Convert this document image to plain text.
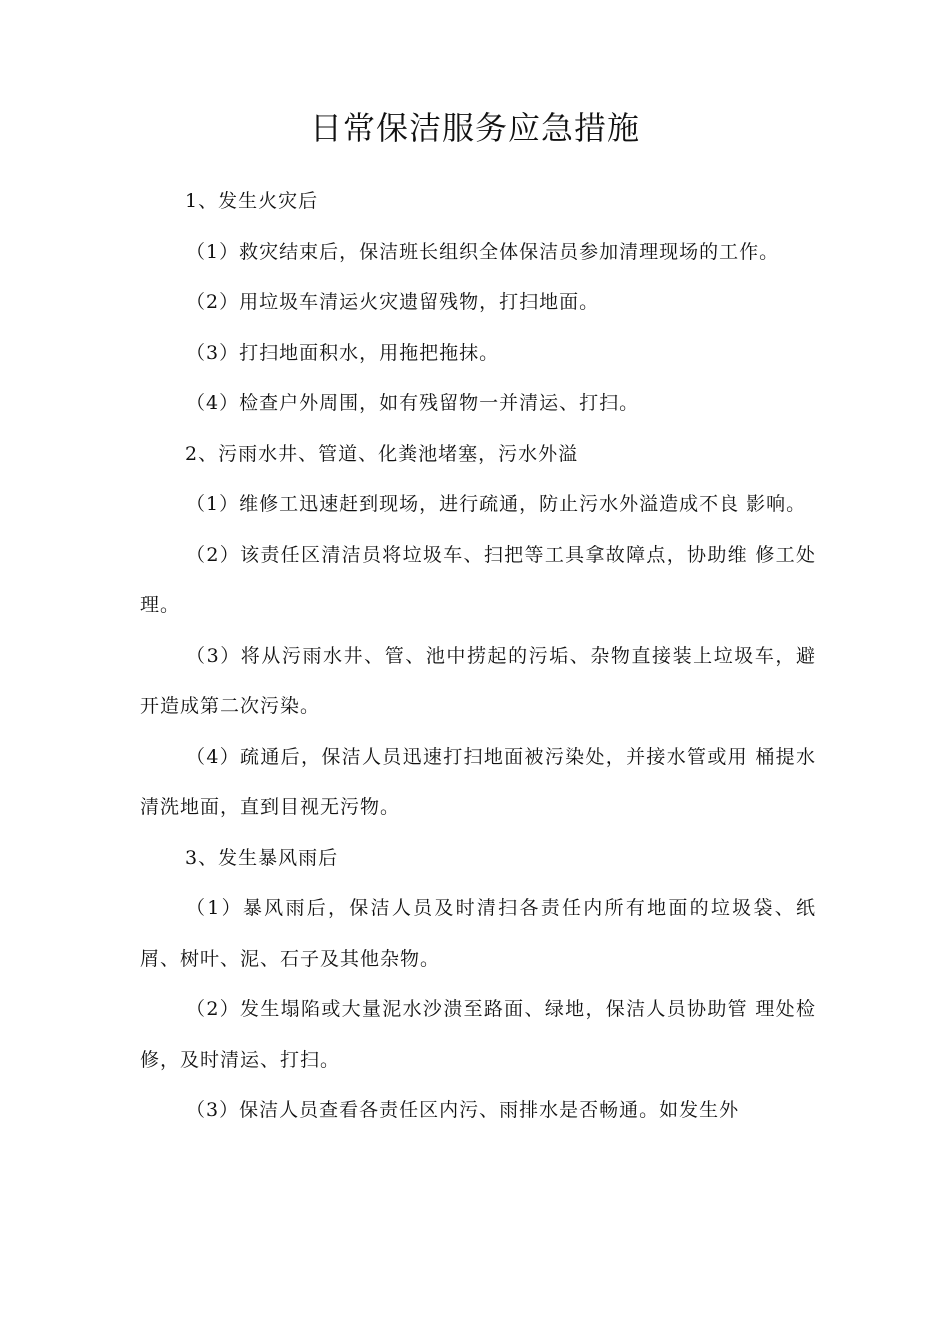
日常保洁服务应急措施

1、发生火灾后

（1）救灾结束后，保洁班长组织全体保洁员参加清理现场的工作。

（2）用垃圾车清运火灾遗留残物，打扫地面。

（3）打扫地面积水，用拖把拖抹。

（4）检查户外周围，如有残留物一并清运、打扫。

2、污雨水井、管道、化粪池堵塞，污水外溢

（1）维修工迅速赶到现场，进行疏通，防止污水外溢造成不良 影响。

（2）该责任区清洁员将垃圾车、扫把等工具拿故障点，协助维 修工处理。

（3）将从污雨水井、管、池中捞起的污垢、杂物直接装上垃圾车，避开造成第二次污染。

（4）疏通后，保洁人员迅速打扫地面被污染处，并接水管或用 桶提水清洗地面，直到目视无污物。

3、发生暴风雨后

（1）暴风雨后，保洁人员及时清扫各责任内所有地面的垃圾袋、纸屑、树叶、泥、石子及其他杂物。

（2）发生塌陷或大量泥水沙溃至路面、绿地，保洁人员协助管 理处检修，及时清运、打扫。

（3）保洁人员查看各责任区内污、雨排水是否畅通。如发生外
